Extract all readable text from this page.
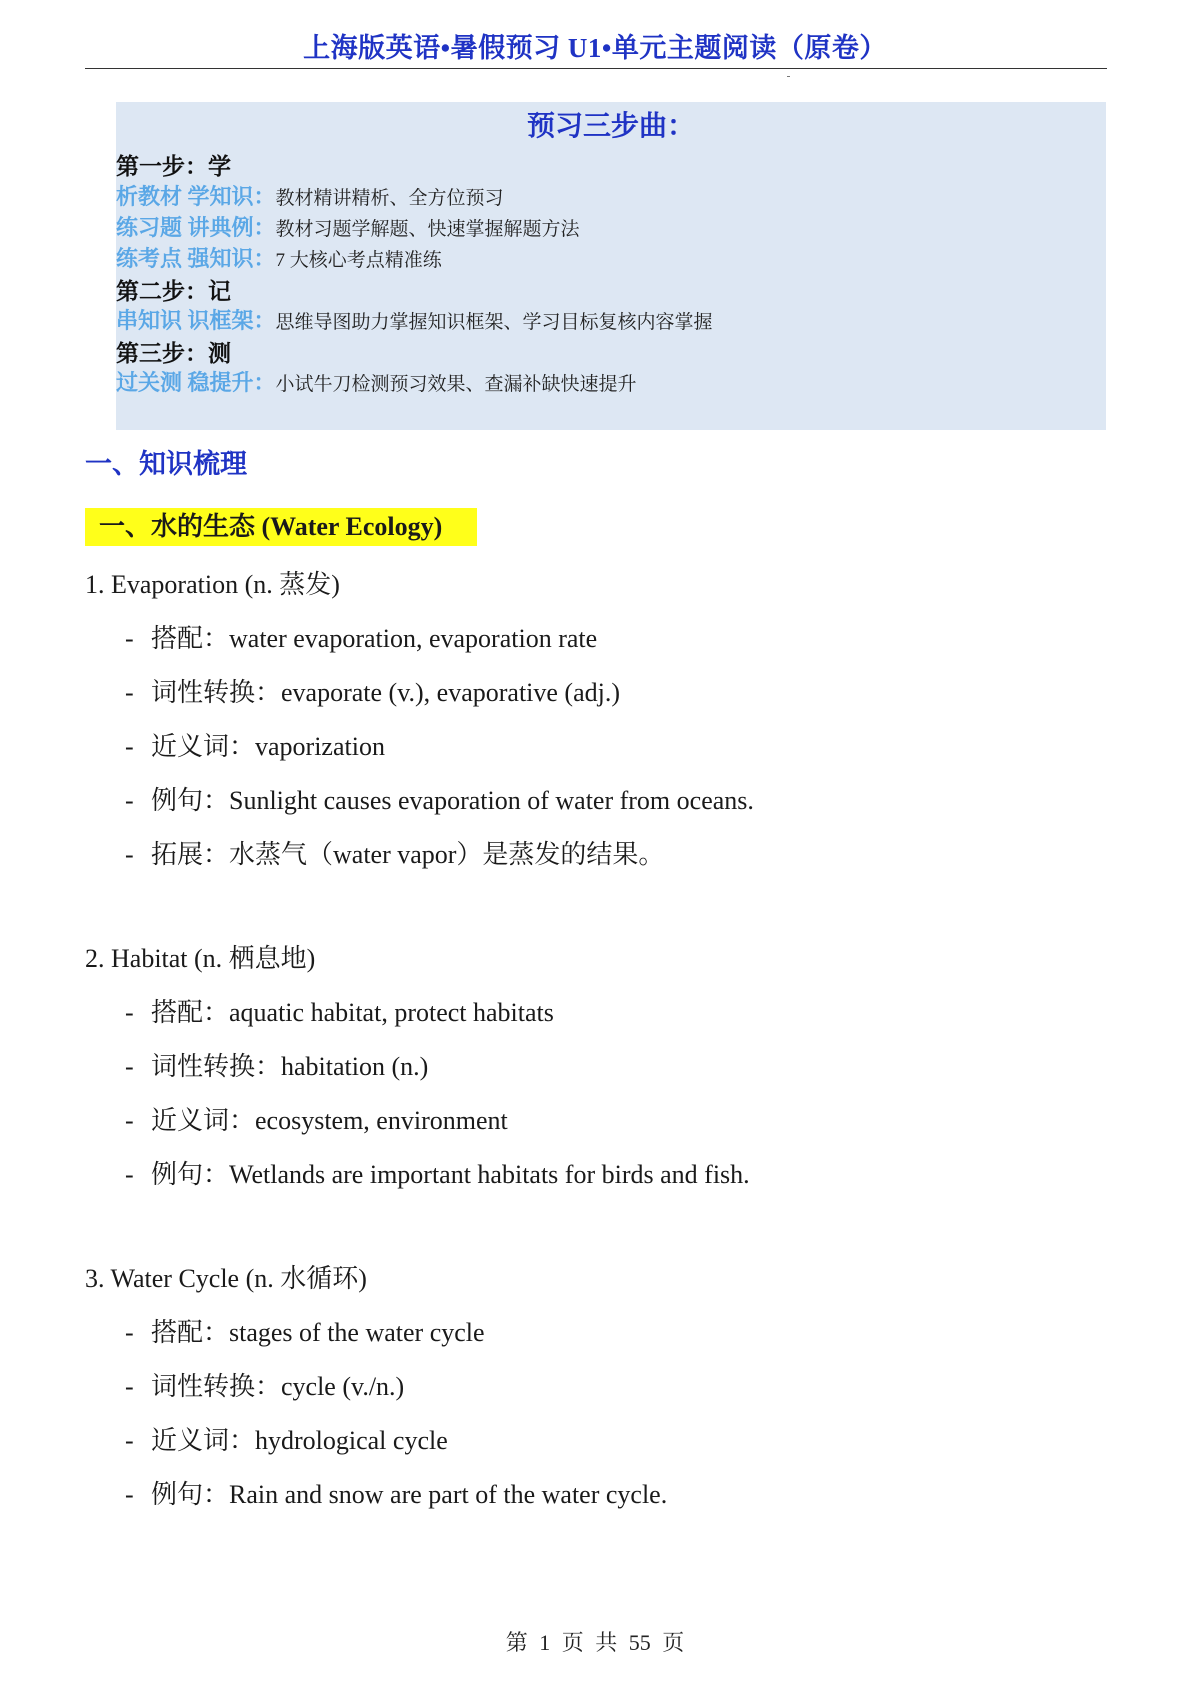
上海版英语•暑假预习 U1•单元主题阅读（原卷）
预习三步曲：
第一步：学
析教材 学知识：教材精讲精析、全方位预习
练习题 讲典例：教材习题学解题、快速掌握解题方法
练考点 强知识：7 大核心考点精准练
第二步：记
串知识 识框架：思维导图助力掌握知识框架、学习目标复核内容掌握
第三步：测
过关测 稳提升：小试牛刀检测预习效果、查漏补缺快速提升
一、知识梳理
一、水的生态 (Water Ecology)
1. Evaporation (n. 蒸发)
- 搭配：water evaporation, evaporation rate
- 词性转换：evaporate (v.), evaporative (adj.)
- 近义词：vaporization
- 例句：Sunlight causes evaporation of water from oceans.
- 拓展：水蒸气（water vapor）是蒸发的结果。
2. Habitat (n. 栖息地)
- 搭配：aquatic habitat, protect habitats
- 词性转换：habitation (n.)
- 近义词：ecosystem, environment
- 例句：Wetlands are important habitats for birds and fish.
3. Water Cycle (n. 水循环)
- 搭配：stages of the water cycle
- 词性转换：cycle (v./n.)
- 近义词：hydrological cycle
- 例句：Rain and snow are part of the water cycle.
第 1 页 共 55 页
